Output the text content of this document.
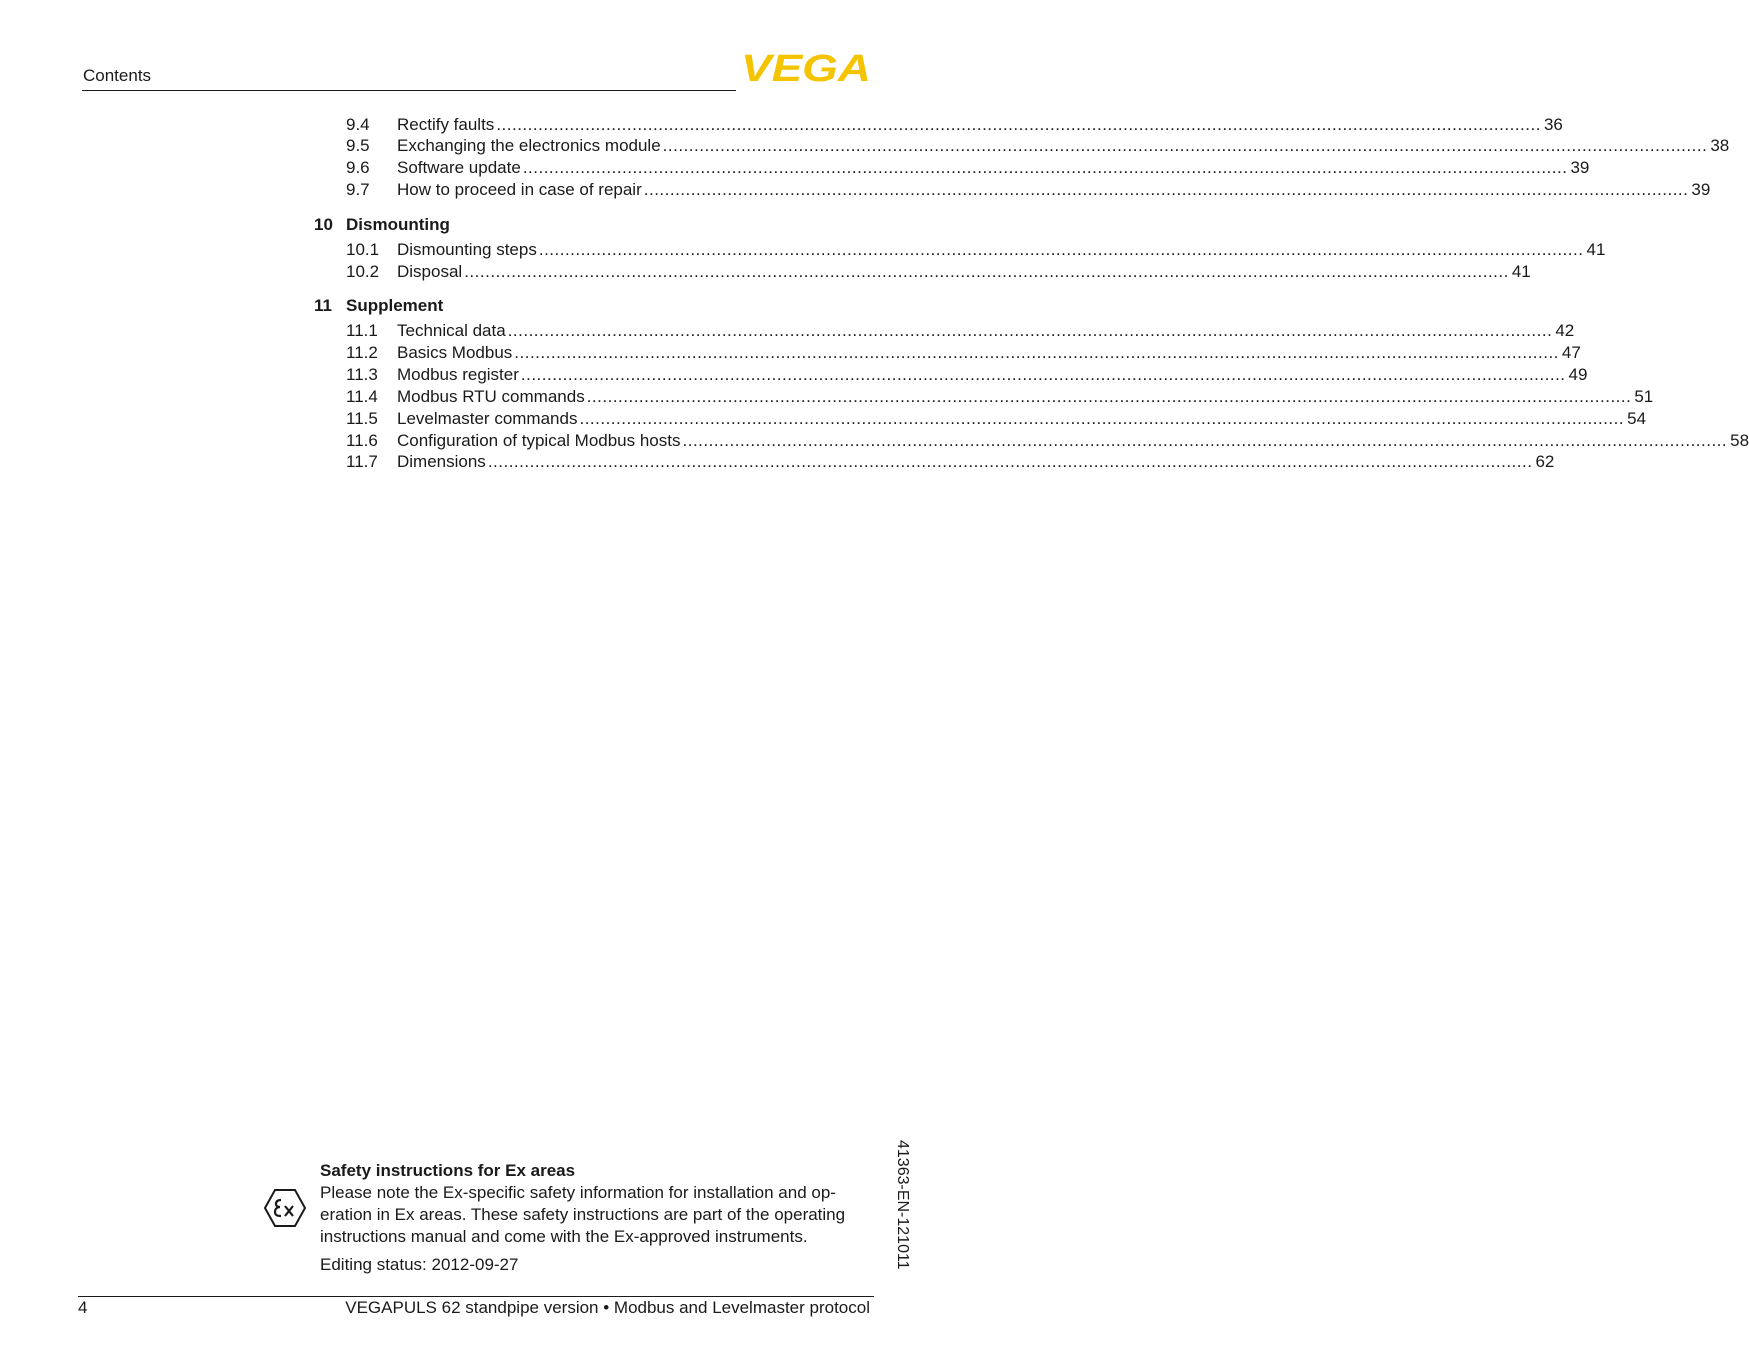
Contents	VEGA
9.4	Rectify faults ........................................................................................................................................................................................................ 36
9.5	Exchanging the electronics module ........................................................................................................................................................................................................ 38
9.6	Software update ........................................................................................................................................................................................................ 39
9.7	How to proceed in case of repair ........................................................................................................................................................................................................ 39
10 Dismounting
10.1	Dismounting steps ........................................................................................................................................................................................................ 41
10.2	Disposal ........................................................................................................................................................................................................ 41
11 Supplement
11.1	Technical data ........................................................................................................................................................................................................ 42
11.2	Basics Modbus ........................................................................................................................................................................................................ 47
11.3	Modbus register ........................................................................................................................................................................................................ 49
11.4	Modbus RTU commands ........................................................................................................................................................................................................ 51
11.5	Levelmaster commands ........................................................................................................................................................................................................ 54
11.6	Configuration of typical Modbus hosts ........................................................................................................................................................................................................ 58
11.7	Dimensions ........................................................................................................................................................................................................ 62
Safety instructions for Ex areas
Please note the Ex-specific safety information for installation and op-
eration in Ex areas. These safety instructions are part of the operating
instructions manual and come with the Ex-approved instruments.
Editing status: 2012-09-27	41363-EN-121011
4	VEGAPULS 62 standpipe version • Modbus and Levelmaster protocol
